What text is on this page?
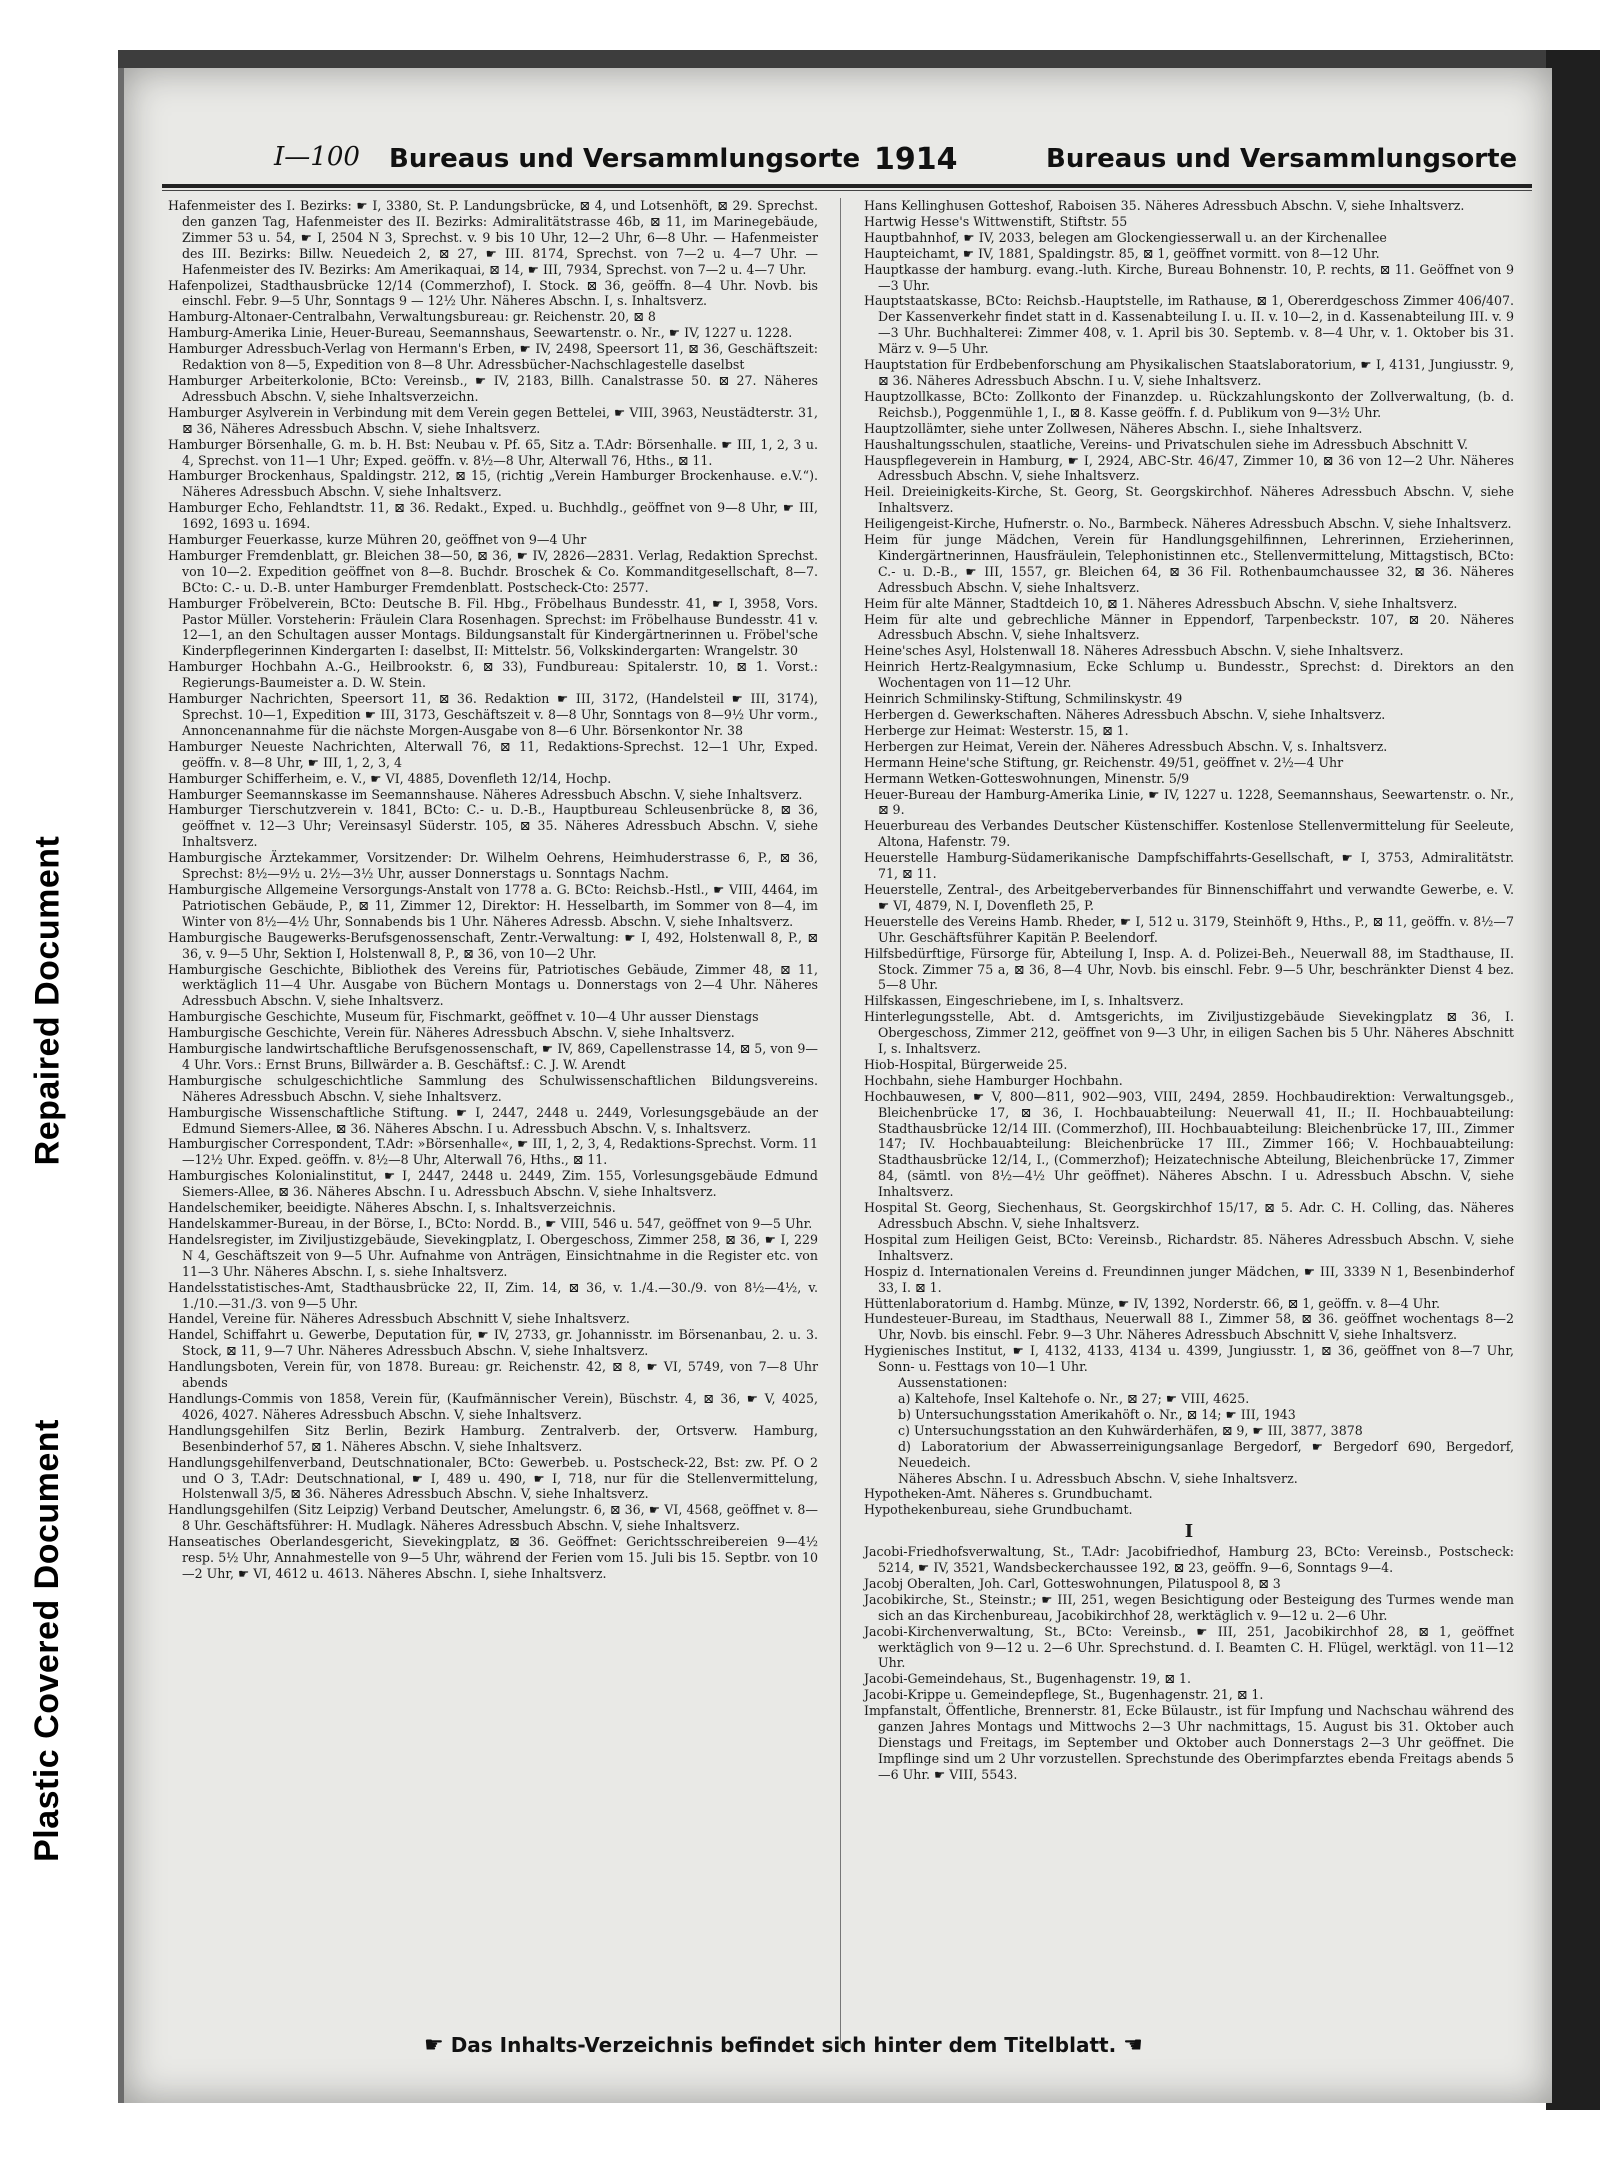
Repaired Document
Plastic Covered Document
I—100 Bureaus und Versammlungsorte 1914	Bureaus und Versammlungsorte
Hafenmeister des I. Bezirks: ☛ I, 3380, St. P. Landungsbrücke, ⊠ 4, und Lotsenhöft, ⊠ 29. Sprechst. den ganzen Tag, Hafenmeister des II. Bezirks: Admiralitätstrasse 46b, ⊠ 11, im Marinegebäude, Zimmer 53 u. 54, ☛ I, 2504 N 3, Sprechst. v. 9 bis 10 Uhr, 12—2 Uhr, 6—8 Uhr. — Hafenmeister des III. Bezirks: Billw. Neuedeich 2, ⊠ 27, ☛ III. 8174, Sprechst. von 7—2 u. 4—7 Uhr. — Hafenmeister des IV. Bezirks: Am Amerikaquai, ⊠ 14, ☛ III, 7934, Sprechst. von 7—2 u. 4—7 Uhr.
Hafenpolizei, Stadthausbrücke 12/14 (Commerzhof), I. Stock. ⊠ 36, geöffn. 8—4 Uhr. Novb. bis einschl. Febr. 9—5 Uhr, Sonntags 9 — 12½ Uhr. Näheres Abschn. I, s. Inhaltsverz.
Hamburg-Altonaer-Centralbahn, Verwaltungsbureau: gr. Reichenstr. 20, ⊠ 8
Hamburg-Amerika Linie, Heuer-Bureau, Seemannshaus, Seewartenstr. o. Nr., ☛ IV, 1227 u. 1228.
Hamburger Adressbuch-Verlag von Hermann's Erben, ☛ IV, 2498, Speersort 11, ⊠ 36, Geschäftszeit: Redaktion von 8—5, Expedition von 8—8 Uhr. Adressbücher-Nachschlagestelle daselbst
Hamburger Arbeiterkolonie, BCto: Vereinsb., ☛ IV, 2183, Billh. Canalstrasse 50. ⊠ 27. Näheres Adressbuch Abschn. V, siehe Inhaltsverzeichn.
Hamburger Asylverein in Verbindung mit dem Verein gegen Bettelei, ☛ VIII, 3963, Neustädterstr. 31, ⊠ 36, Näheres Adressbuch Abschn. V, siehe Inhaltsverz.
Hamburger Börsenhalle, G. m. b. H. Bst: Neubau v. Pf. 65, Sitz a. T.Adr: Börsenhalle. ☛ III, 1, 2, 3 u. 4, Sprechst. von 11—1 Uhr; Exped. geöffn. v. 8½—8 Uhr, Alterwall 76, Hths., ⊠ 11.
Hamburger Brockenhaus, Spaldingstr. 212, ⊠ 15, (richtig „Verein Hamburger Brockenhause. e.V.“). Näheres Adressbuch Abschn. V, siehe Inhaltsverz.
Hamburger Echo, Fehlandtstr. 11, ⊠ 36. Redakt., Exped. u. Buchhdlg., geöffnet von 9—8 Uhr, ☛ III, 1692, 1693 u. 1694.
Hamburger Feuerkasse, kurze Mühren 20, geöffnet von 9—4 Uhr
Hamburger Fremdenblatt, gr. Bleichen 38—50, ⊠ 36, ☛ IV, 2826—2831. Verlag, Redaktion Sprechst. von 10—2. Expedition geöffnet von 8—8. Buchdr. Broschek & Co. Kommanditgesellschaft, 8—7. BCto: C.- u. D.-B. unter Hamburger Fremdenblatt. Postscheck-Cto: 2577.
Hamburger Fröbelverein, BCto: Deutsche B. Fil. Hbg., Fröbelhaus Bundesstr. 41, ☛ I, 3958, Vors. Pastor Müller. Vorsteherin: Fräulein Clara Rosenhagen. Sprechst: im Fröbelhause Bundesstr. 41 v. 12—1, an den Schultagen ausser Montags. Bildungsanstalt für Kindergärtnerinnen u. Fröbel'sche Kinderpflegerinnen Kindergarten I: daselbst, II: Mittelstr. 56, Volkskindergarten: Wrangelstr. 30
Hamburger Hochbahn A.-G., Heilbrookstr. 6, ⊠ 33), Fundbureau: Spitalerstr. 10, ⊠ 1. Vorst.: Regierungs-Baumeister a. D. W. Stein.
Hamburger Nachrichten, Speersort 11, ⊠ 36. Redaktion ☛ III, 3172, (Handelsteil ☛ III, 3174), Sprechst. 10—1, Expedition ☛ III, 3173, Geschäftszeit v. 8—8 Uhr, Sonntags von 8—9½ Uhr vorm., Annoncenannahme für die nächste Morgen-Ausgabe von 8—6 Uhr. Börsenkontor Nr. 38
Hamburger Neueste Nachrichten, Alterwall 76, ⊠ 11, Redaktions-Sprechst. 12—1 Uhr, Exped. geöffn. v. 8—8 Uhr, ☛ III, 1, 2, 3, 4
Hamburger Schifferheim, e. V., ☛ VI, 4885, Dovenfleth 12/14, Hochp.
Hamburger Seemannskasse im Seemannshause. Näheres Adressbuch Abschn. V, siehe Inhaltsverz.
Hamburger Tierschutzverein v. 1841, BCto: C.- u. D.-B., Hauptbureau Schleusenbrücke 8, ⊠ 36, geöffnet v. 12—3 Uhr; Vereinsasyl Süderstr. 105, ⊠ 35. Näheres Adressbuch Abschn. V, siehe Inhaltsverz.
Hamburgische Ärztekammer, Vorsitzender: Dr. Wilhelm Oehrens, Heimhuderstrasse 6, P., ⊠ 36, Sprechst: 8½—9½ u. 2½—3½ Uhr, ausser Donnerstags u. Sonntags Nachm.
Hamburgische Allgemeine Versorgungs-Anstalt von 1778 a. G. BCto: Reichsb.-Hstl., ☛ VIII, 4464, im Patriotischen Gebäude, P., ⊠ 11, Zimmer 12, Direktor: H. Hesselbarth, im Sommer von 8—4, im Winter von 8½—4½ Uhr, Sonnabends bis 1 Uhr. Näheres Adressb. Abschn. V, siehe Inhaltsverz.
Hamburgische Baugewerks-Berufsgenossenschaft, Zentr.-Verwaltung: ☛ I, 492, Holstenwall 8, P., ⊠ 36, v. 9—5 Uhr, Sektion I, Holstenwall 8, P., ⊠ 36, von 10—2 Uhr.
Hamburgische Geschichte, Bibliothek des Vereins für, Patriotisches Gebäude, Zimmer 48, ⊠ 11, werktäglich 11—4 Uhr. Ausgabe von Büchern Montags u. Donnerstags von 2—4 Uhr. Näheres Adressbuch Abschn. V, siehe Inhaltsverz.
Hamburgische Geschichte, Museum für, Fischmarkt, geöffnet v. 10—4 Uhr ausser Dienstags
Hamburgische Geschichte, Verein für. Näheres Adressbuch Abschn. V, siehe Inhaltsverz.
Hamburgische landwirtschaftliche Berufsgenossenschaft, ☛ IV, 869, Capellenstrasse 14, ⊠ 5, von 9—4 Uhr. Vors.: Ernst Bruns, Billwärder a. B. Geschäftsf.: C. J. W. Arendt
Hamburgische schulgeschichtliche Sammlung des Schulwissenschaftlichen Bildungsvereins. Näheres Adressbuch Abschn. V, siehe Inhaltsverz.
Hamburgische Wissenschaftliche Stiftung. ☛ I, 2447, 2448 u. 2449, Vorlesungsgebäude an der Edmund Siemers-Allee, ⊠ 36. Näheres Abschn. I u. Adressbuch Abschn. V, s. Inhaltsverz.
Hamburgischer Correspondent, T.Adr: »Börsenhalle«, ☛ III, 1, 2, 3, 4, Redaktions-Sprechst. Vorm. 11—12½ Uhr. Exped. geöffn. v. 8½—8 Uhr, Alterwall 76, Hths., ⊠ 11.
Hamburgisches Kolonialinstitut, ☛ I, 2447, 2448 u. 2449, Zim. 155, Vorlesungsgebäude Edmund Siemers-Allee, ⊠ 36. Näheres Abschn. I u. Adressbuch Abschn. V, siehe Inhaltsverz.
Handelschemiker, beeidigte. Näheres Abschn. I, s. Inhaltsverzeichnis.
Handelskammer-Bureau, in der Börse, I., BCto: Nordd. B., ☛ VIII, 546 u. 547, geöffnet von 9—5 Uhr.
Handelsregister, im Ziviljustizgebäude, Sievekingplatz, I. Obergeschoss, Zimmer 258, ⊠ 36, ☛ I, 229 N 4, Geschäftszeit von 9—5 Uhr. Aufnahme von Anträgen, Einsichtnahme in die Register etc. von 11—3 Uhr. Näheres Abschn. I, s. siehe Inhaltsverz.
Handelsstatistisches-Amt, Stadthausbrücke 22, II, Zim. 14, ⊠ 36, v. 1./4.—30./9. von 8½—4½, v. 1./10.—31./3. von 9—5 Uhr.
Handel, Vereine für. Näheres Adressbuch Abschnitt V, siehe Inhaltsverz.
Handel, Schiffahrt u. Gewerbe, Deputation für, ☛ IV, 2733, gr. Johannisstr. im Börsenanbau, 2. u. 3. Stock, ⊠ 11, 9—7 Uhr. Näheres Adressbuch Abschn. V, siehe Inhaltsverz.
Handlungsboten, Verein für, von 1878. Bureau: gr. Reichenstr. 42, ⊠ 8, ☛ VI, 5749, von 7—8 Uhr abends
Handlungs-Commis von 1858, Verein für, (Kaufmännischer Verein), Büschstr. 4, ⊠ 36, ☛ V, 4025, 4026, 4027. Näheres Adressbuch Abschn. V, siehe Inhaltsverz.
Handlungsgehilfen Sitz Berlin, Bezirk Hamburg. Zentralverb. der, Ortsverw. Hamburg, Besenbinderhof 57, ⊠ 1. Näheres Abschn. V, siehe Inhaltsverz.
Handlungsgehilfenverband, Deutschnationaler, BCto: Gewerbeb. u. Postscheck-22, Bst: zw. Pf. O 2 und O 3, T.Adr: Deutschnational, ☛ I, 489 u. 490, ☛ I, 718, nur für die Stellenvermittelung, Holstenwall 3/5, ⊠ 36. Näheres Adressbuch Abschn. V, siehe Inhaltsverz.
Handlungsgehilfen (Sitz Leipzig) Verband Deutscher, Amelungstr. 6, ⊠ 36, ☛ VI, 4568, geöffnet v. 8—8 Uhr. Geschäftsführer: H. Mudlagk. Näheres Adressbuch Abschn. V, siehe Inhaltsverz.
Hanseatisches Oberlandesgericht, Sievekingplatz, ⊠ 36. Geöffnet: Gerichtsschreibereien 9—4½ resp. 5½ Uhr, Annahmestelle von 9—5 Uhr, während der Ferien vom 15. Juli bis 15. Septbr. von 10—2 Uhr, ☛ VI, 4612 u. 4613. Näheres Abschn. I, siehe Inhaltsverz.
Hans Kellinghusen Gotteshof, Raboisen 35. Näheres Adressbuch Abschn. V, siehe Inhaltsverz.
Hartwig Hesse's Wittwenstift, Stiftstr. 55
Hauptbahnhof, ☛ IV, 2033, belegen am Glockengiesserwall u. an der Kirchenallee
Haupteichamt, ☛ IV, 1881, Spaldingstr. 85, ⊠ 1, geöffnet vormitt. von 8—12 Uhr.
Hauptkasse der hamburg. evang.-luth. Kirche, Bureau Bohnenstr. 10, P. rechts, ⊠ 11. Geöffnet von 9—3 Uhr.
Hauptstaatskasse, BCto: Reichsb.-Hauptstelle, im Rathause, ⊠ 1, Obererdgeschoss Zimmer 406/407. Der Kassenverkehr findet statt in d. Kassenabteilung I. u. II. v. 10—2, in d. Kassenabteilung III. v. 9—3 Uhr. Buchhalterei: Zimmer 408, v. 1. April bis 30. Septemb. v. 8—4 Uhr, v. 1. Oktober bis 31. März v. 9—5 Uhr.
Hauptstation für Erdbebenforschung am Physikalischen Staatslaboratorium, ☛ I, 4131, Jungiusstr. 9, ⊠ 36. Näheres Adressbuch Abschn. I u. V, siehe Inhaltsverz.
Hauptzollkasse, BCto: Zollkonto der Finanzdep. u. Rückzahlungskonto der Zollverwaltung, (b. d. Reichsb.), Poggenmühle 1, I., ⊠ 8. Kasse geöffn. f. d. Publikum von 9—3½ Uhr.
Hauptzollämter, siehe unter Zollwesen, Näheres Abschn. I., siehe Inhaltsverz.
Haushaltungsschulen, staatliche, Vereins- und Privatschulen siehe im Adressbuch Abschnitt V.
Hauspflegeverein in Hamburg, ☛ I, 2924, ABC-Str. 46/47, Zimmer 10, ⊠ 36 von 12—2 Uhr. Näheres Adressbuch Abschn. V, siehe Inhaltsverz.
Heil. Dreieinigkeits-Kirche, St. Georg, St. Georgskirchhof. Näheres Adressbuch Abschn. V, siehe Inhaltsverz.
Heiligengeist-Kirche, Hufnerstr. o. No., Barmbeck. Näheres Adressbuch Abschn. V, siehe Inhaltsverz.
Heim für junge Mädchen, Verein für Handlungsgehilfinnen, Lehrerinnen, Erzieherinnen, Kindergärtnerinnen, Hausfräulein, Telephonistinnen etc., Stellenvermittelung, Mittagstisch, BCto: C.- u. D.-B., ☛ III, 1557, gr. Bleichen 64, ⊠ 36 Fil. Rothenbaumchaussee 32, ⊠ 36. Näheres Adressbuch Abschn. V, siehe Inhaltsverz.
Heim für alte Männer, Stadtdeich 10, ⊠ 1. Näheres Adressbuch Abschn. V, siehe Inhaltsverz.
Heim für alte und gebrechliche Männer in Eppendorf, Tarpenbeckstr. 107, ⊠ 20. Näheres Adressbuch Abschn. V, siehe Inhaltsverz.
Heine'sches Asyl, Holstenwall 18. Näheres Adressbuch Abschn. V, siehe Inhaltsverz.
Heinrich Hertz-Realgymnasium, Ecke Schlump u. Bundesstr., Sprechst: d. Direktors an den Wochentagen von 11—12 Uhr.
Heinrich Schmilinsky-Stiftung, Schmilinskystr. 49
Herbergen d. Gewerkschaften. Näheres Adressbuch Abschn. V, siehe Inhaltsverz.
Herberge zur Heimat: Westerstr. 15, ⊠ 1.
Herbergen zur Heimat, Verein der. Näheres Adressbuch Abschn. V, s. Inhaltsverz.
Hermann Heine'sche Stiftung, gr. Reichenstr. 49/51, geöffnet v. 2½—4 Uhr
Hermann Wetken-Gotteswohnungen, Minenstr. 5/9
Heuer-Bureau der Hamburg-Amerika Linie, ☛ IV, 1227 u. 1228, Seemannshaus, Seewartenstr. o. Nr., ⊠ 9.
Heuerbureau des Verbandes Deutscher Küstenschiffer. Kostenlose Stellenvermittelung für Seeleute, Altona, Hafenstr. 79.
Heuerstelle Hamburg-Südamerikanische Dampfschiffahrts-Gesellschaft, ☛ I, 3753, Admiralitätstr. 71, ⊠ 11.
Heuerstelle, Zentral-, des Arbeitgeberverbandes für Binnenschiffahrt und verwandte Gewerbe, e. V. ☛ VI, 4879, N. I, Dovenfleth 25, P.
Heuerstelle des Vereins Hamb. Rheder, ☛ I, 512 u. 3179, Steinhöft 9, Hths., P., ⊠ 11, geöffn. v. 8½—7 Uhr. Geschäftsführer Kapitän P. Beelendorf.
Hilfsbedürftige, Fürsorge für, Abteilung I, Insp. A. d. Polizei-Beh., Neuerwall 88, im Stadthause, II. Stock. Zimmer 75 a, ⊠ 36, 8—4 Uhr, Novb. bis einschl. Febr. 9—5 Uhr, beschränkter Dienst 4 bez. 5—8 Uhr.
Hilfskassen, Eingeschriebene, im I, s. Inhaltsverz.
Hinterlegungsstelle, Abt. d. Amtsgerichts, im Ziviljustizgebäude Sievekingplatz ⊠ 36, I. Obergeschoss, Zimmer 212, geöffnet von 9—3 Uhr, in eiligen Sachen bis 5 Uhr. Näheres Abschnitt I, s. Inhaltsverz.
Hiob-Hospital, Bürgerweide 25.
Hochbahn, siehe Hamburger Hochbahn.
Hochbauwesen, ☛ V, 800—811, 902—903, VIII, 2494, 2859. Hochbaudirektion: Verwaltungsgeb., Bleichenbrücke 17, ⊠ 36, I. Hochbauabteilung: Neuerwall 41, II.; II. Hochbauabteilung: Stadthausbrücke 12/14 III. (Commerzhof), III. Hochbauabteilung: Bleichenbrücke 17, III., Zimmer 147; IV. Hochbauabteilung: Bleichenbrücke 17 III., Zimmer 166; V. Hochbauabteilung: Stadthausbrücke 12/14, I., (Commerzhof); Heizatechnische Abteilung, Bleichenbrücke 17, Zimmer 84, (sämtl. von 8½—4½ Uhr geöffnet). Näheres Abschn. I u. Adressbuch Abschn. V, siehe Inhaltsverz.
Hospital St. Georg, Siechenhaus, St. Georgskirchhof 15/17, ⊠ 5. Adr. C. H. Colling, das. Näheres Adressbuch Abschn. V, siehe Inhaltsverz.
Hospital zum Heiligen Geist, BCto: Vereinsb., Richardstr. 85. Näheres Adressbuch Abschn. V, siehe Inhaltsverz.
Hospiz d. Internationalen Vereins d. Freundinnen junger Mädchen, ☛ III, 3339 N 1, Besenbinderhof 33, I. ⊠ 1.
Hüttenlaboratorium d. Hambg. Münze, ☛ IV, 1392, Norderstr. 66, ⊠ 1, geöffn. v. 8—4 Uhr.
Hundesteuer-Bureau, im Stadthaus, Neuerwall 88 I., Zimmer 58, ⊠ 36. geöffnet wochentags 8—2 Uhr, Novb. bis einschl. Febr. 9—3 Uhr. Näheres Adressbuch Abschnitt V, siehe Inhaltsverz.
Hygienisches Institut, ☛ I, 4132, 4133, 4134 u. 4399, Jungiusstr. 1, ⊠ 36, geöffnet von 8—7 Uhr, Sonn- u. Festtags von 10—1 Uhr.
Aussenstationen:
a) Kaltehofe, Insel Kaltehofe o. Nr., ⊠ 27; ☛ VIII, 4625.
b) Untersuchungsstation Amerikahöft o. Nr., ⊠ 14; ☛ III, 1943
c) Untersuchungsstation an den Kuhwärderhäfen, ⊠ 9, ☛ III, 3877, 3878
d) Laboratorium der Abwasserreinigungsanlage Bergedorf, ☛ Bergedorf 690, Bergedorf, Neuedeich.
Näheres Abschn. I u. Adressbuch Abschn. V, siehe Inhaltsverz.
Hypotheken-Amt. Näheres s. Grundbuchamt.
Hypothekenbureau, siehe Grundbuchamt.
I
Jacobi-Friedhofsverwaltung, St., T.Adr: Jacobifriedhof, Hamburg 23, BCto: Vereinsb., Postscheck: 5214, ☛ IV, 3521, Wandsbeckerchaussee 192, ⊠ 23, geöffn. 9—6, Sonntags 9—4.
Jacobj Oberalten, Joh. Carl, Gotteswohnungen, Pilatuspool 8, ⊠ 3
Jacobikirche, St., Steinstr.; ☛ III, 251, wegen Besichtigung oder Besteigung des Turmes wende man sich an das Kirchenbureau, Jacobikirchhof 28, werktäglich v. 9—12 u. 2—6 Uhr.
Jacobi-Kirchenverwaltung, St., BCto: Vereinsb., ☛ III, 251, Jacobikirchhof 28, ⊠ 1, geöffnet werktäglich von 9—12 u. 2—6 Uhr. Sprechstund. d. I. Beamten C. H. Flügel, werktägl. von 11—12 Uhr.
Jacobi-Gemeindehaus, St., Bugenhagenstr. 19, ⊠ 1.
Jacobi-Krippe u. Gemeindepflege, St., Bugenhagenstr. 21, ⊠ 1.
Impfanstalt, Öffentliche, Brennerstr. 81, Ecke Bülaustr., ist für Impfung und Nachschau während des ganzen Jahres Montags und Mittwochs 2—3 Uhr nachmittags, 15. August bis 31. Oktober auch Dienstags und Freitags, im September und Oktober auch Donnerstags 2—3 Uhr geöffnet. Die Impflinge sind um 2 Uhr vorzustellen. Sprechstunde des Oberimpfarztes ebenda Freitags abends 5—6 Uhr. ☛ VIII, 5543.
☛ Das Inhalts-Verzeichnis befindet sich hinter dem Titelblatt. ☚
